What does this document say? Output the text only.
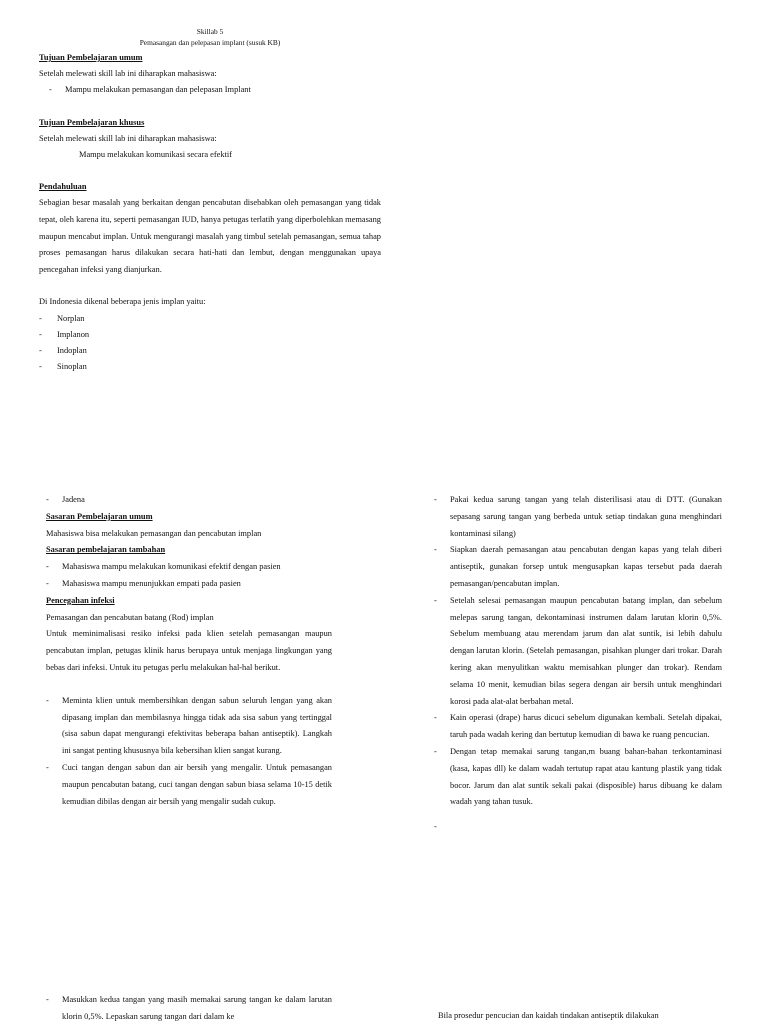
Skillab 5
Pemasangan dan pelepasan implant (susuk KB)
Tujuan Pembelajaran umum
Setelah melewati skill lab ini diharapkan mahasiswa:
- Mampu melakukan pemasangan dan pelepasan Implant
Tujuan Pembelajaran khusus
Setelah melewati skill lab ini diharapkan mahasiswa:
Mampu melakukan komunikasi secara efektif
Pendahuluan
Sebagian besar masalah yang berkaitan dengan pencabutan disebabkan oleh pemasangan yang tidak tepat, oleh karena itu, seperti pemasangan IUD, hanya petugas terlatih yang diperbolehkan memasang maupun mencabut implan. Untuk mengurangi masalah yang timbul setelah pemasangan, semua tahap proses pemasangan harus dilakukan secara hati-hati dan lembut, dengan menggunakan upaya pencegahan infeksi yang dianjurkan.
Di Indonesia dikenal beberapa jenis implan yaitu:
- Norplan
- Implanon
- Indoplan
- Sinoplan
- Jadena
Sasaran Pembelajaran umum
Mahasiswa bisa melakukan pemasangan dan pencabutan implan
Sasaran pembelajaran tambahan
- Mahasiswa mampu melakukan komunikasi efektif dengan pasien
- Mahasiswa mampu menunjukkan empati pada pasien
Pencegahan infeksi
Pemasangan dan pencabutan batang (Rod) implan
Untuk meminimalisasi resiko infeksi pada klien setelah pemasangan maupun pencabutan implan, petugas klinik harus berupaya untuk menjaga lingkungan yang bebas dari infeksi. Untuk itu petugas perlu melakukan hal-hal berikut.
- Meminta klien untuk membersihkan dengan sabun seluruh lengan yang akan dipasang implan dan membilasnya hingga tidak ada sisa sabun yang tertinggal (sisa sabun dapat mengurangi efektivitas beberapa bahan antiseptik). Langkah ini sangat penting khususnya bila kebersihan klien sangat kurang.
- Cuci tangan dengan sabun dan air bersih yang mengalir. Untuk pemasangan maupun pencabutan batang, cuci tangan dengan sabun biasa selama 10-15 detik kemudian dibilas dengan air bersih yang mengalir sudah cukup.
- Masukkan kedua tangan yang masih memakai sarung tangan ke dalam larutan klorin 0,5%. Lepaskan sarung tangan dari dalam ke
- Pakai kedua sarung tangan yang telah disterilisasi atau di DTT. (Gunakan sepasang sarung tangan yang berbeda untuk setiap tindakan guna menghindari kontaminasi silang)
- Siapkan daerah pemasangan atau pencabutan dengan kapas yang telah diberi antiseptik, gunakan forsep untuk mengusapkan kapas tersebut pada daerah pemasangan/pencabutan implan.
- Setelah selesai pemasangan maupun pencabutan batang implan, dan sebelum melepas sarung tangan, dekontaminasi instrumen dalam larutan klorin 0,5%. Sebelum membuang atau merendam jarum dan alat suntik, isi lebih dahulu dengan larutan klorin. (Setelah pemasangan, pisahkan plunger dari trokar. Darah kering akan menyulitkan waktu memisahkan plunger dan trokar). Rendam selama 10 menit, kemudian bilas segera dengan air bersih untuk menghindari korosi pada alat-alat berbahan metal.
- Kain operasi (drape) harus dicuci sebelum digunakan kembali. Setelah dipakai, taruh pada wadah kering dan bertutup kemudian di bawa ke ruang pencucian.
- Dengan tetap memakai sarung tangan,m buang bahan-bahan terkontaminasi (kasa, kapas dll) ke dalam wadah tertutup rapat atau kantung plastik yang tidak bocor. Jarum dan alat suntik sekali pakai (disposible) harus dibuang ke dalam wadah yang tahan tusuk.
-
Bila prosedur pencucian dan kaidah tindakan antiseptik dilakukan
